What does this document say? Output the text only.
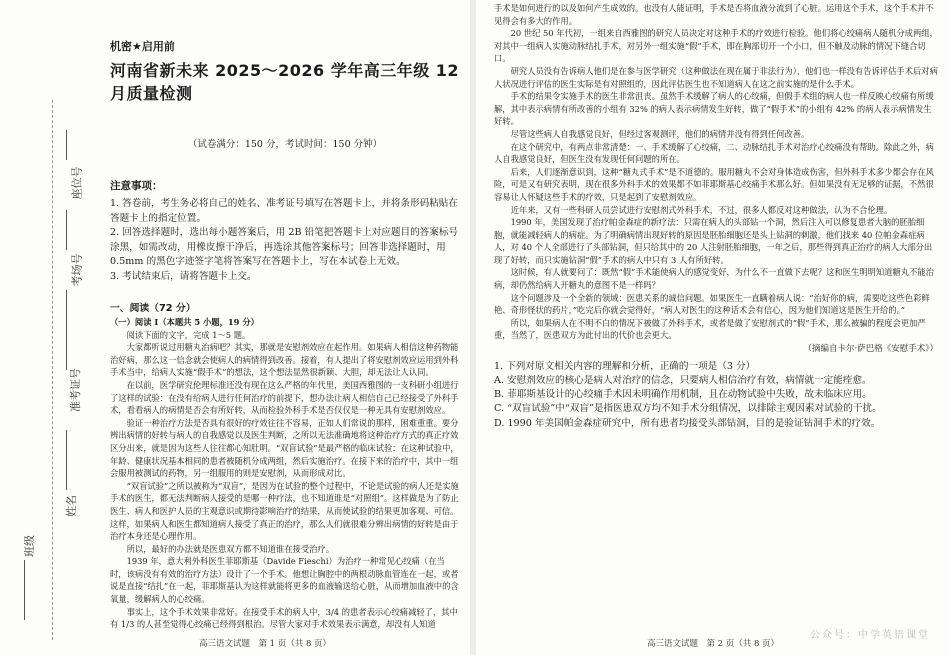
座位号
考场号
准考证号
姓名
班级
机密★启用前
河南省新未来 2025～2026 学年高三年级 12 月质量检测
（试卷满分：150 分，考试时间：150 分钟）
注意事项：

1. 答卷前，考生务必将自己的姓名、准考证号填写在答题卡上，并将条形码粘贴在答题卡上的指定位置。

2. 回答选择题时，选出每小题答案后，用 2B 铅笔把答题卡上对应题目的答案标号涂黑，如需改动，用橡皮擦干净后，再选涂其他答案标号；回答非选择题时，用 0.5mm 的黑色字迹签字笔将答案写在答题卡上，写在本试卷上无效。

3. 考试结束后，请将答题卡上交。

一、阅读（72 分）
（一）阅读 Ⅰ（本题共 5 小题，19 分）

阅读下面的文字，完成 1～5 题。

大家都听说过用糖丸治病吧？其实，那就是安慰剂效应在起作用。如果病人相信这种药物能治好病，那么这一信念就会使病人的病情得到改善。接着，有人提出了将安慰剂效应运用到外科手术当中，给病人实施“假手术”的想法，这个想法显然很新颖、大胆，却无法让人认同。

在以前，医学研究伦理标准还没有现在这么严格的年代里，美国西雅图的一支科研小组进行了这样的试验：在没有给病人进行任何治疗的前提下，想办法让病人相信自己已经接受了外科手术，看看病人的病情是否会有所好转，从而检验外科手术是否仅仅是一种无具有安慰剂效应。

验证一种治疗方法是否具有很好的疗效往往不容易，正如人们常说的那样，困难重重。要分辨出病情的好转与病人的自我感觉以及医生判断，之所以无法准确地将这种治疗方式的真正疗效区分出来，就是因为这些人往往都心知肚明。“双盲试验”是最严格的临床试验：在这种试验中，年龄、健康状况基本相同的患者被随机分成两组，然后实施治疗。在接下来的治疗中，其中一组会服用被测试的药物，另一组服用的则是安慰剂，从而形成对比。

“双盲试验”之所以被称为“双盲”，是因为在试验的整个过程中，不论是试验的病人还是实施手术的医生，都无法判断病人接受的是哪一种疗法，也不知道谁是“对照组”。这样做是为了防止医生、病人和医护人员的主观意识或期待影响治疗的结果，从而使试验的结果更加客观、可信。这样，如果病人和医生都知道病人接受了真正的治疗，那么人们就很难分辨出病情的好转是由于治疗本身还是心理作用。

所以，最好的办法就是医患双方都不知道谁在接受治疗。

1939 年，意大利外科医生菲耶斯基（Davide Fieschi）为治疗一种常见心绞痛（在当时，该病没有有效的治疗方法）设计了一个手术。他想让胸腔中的两根动脉血管连在一起，或者说是直接“结扎”在一起，菲耶斯基认为这样就能将更多的血液输送给心脏，从而增加血液中的含氧量，缓解病人的心绞痛。

事实上，这个手术效果非常好。在接受手术的病人中，3/4 的患者表示心绞痛减轻了，其中有 1/3 的人甚至觉得心绞痛已经得到根治。尽管大家对手术效果表示满意，却没有人知道

高三语文试题　第 1 页（共 8 页）

手术是如何进行的以及如何产生成效的。也没有人能证明，手术是否将血液分流到了心脏。运用这个手术，这个手术并不见得会有多大的作用。

20 世纪 50 年代初，一组来自西雅图的研究人员决定对这种手术的疗效进行检验。他们将心绞痛病人随机分成两组，对其中一组病人实施动脉结扎手术，对另外一组实施“假”手术，即在胸部切开一个小口，但不触及动脉的情况下缝合切口。

研究人员没有告诉病人他们是在参与医学研究（这种做法在现在属于非法行为），他们也一样没有告诉评估手术后对病人状况进行评估的医生实际是有对照组的，因此评估医生也不知道病人在这之前实施的是什么手术。

手术的结果令实施手术的医生非常沮丧。虽然手术缓解了病人的心绞痛，但假手术组的病人也一样反映心绞痛有所缓解，其中表示病情有所改善的小组有 32% 的病人表示病情发生好转，做了“假手术”的小组有 42% 的病人表示病情发生好转。

尽管这些病人自我感觉良好，但经过客观测评，他们的病情并没有得到任何改善。

在这个研究中，有两点非常清楚：一、手术缓解了心绞痛，二、动脉结扎手术对治疗心绞痛没有帮助。除此之外，病人自我感觉良好，但医生没有发现任何问题的所在。

后来，人们逐渐意识到，这种“糖丸式手术”是不道德的。服用糖丸不会对身体造成伤害，但外科手术多少都会存在风险，可是又有研究表明，现在很多外科手术的效果都不如菲耶斯基心绞痛手术那么好。但如果没有无足够的证据，不然很容易让人怀疑这些手术的疗效，只是起到了安慰剂效应。

近年来，又有一些科研人员尝试进行安慰剂式外科手术，不过，很多人都反对这种做法，认为不合伦理。

1990 年，美国发现了治疗帕金森症的新疗法：只需在病人的头部钻一个洞，然后注入可以修复患者大脑的胚胎细胞，就能减轻病人的病症。为了明确病情出现好转的原因是胚胎细胞还是头上钻洞的刺激，他们找来 40 位帕金森症病人，对 40 个人全部进行了头部钻洞，但只给其中的 20 人注射胚胎细胞，一年之后，那些得到真正治疗的病人大部分出现了好转，而只实施钻洞“假”手术的病人中只有 3 人有所好转。

这时候，有人就要问了：既然“假”手术能使病人的感觉变好，为什么不一直做下去呢？这和医生明明知道糖丸不能治病，却仍然给病人开糖丸的意图不是一样吗？

这个问题涉及一个全新的领域：医患关系的诚信问题。如果医生一直瞒着病人说：“治好你的病，需要吃这些色彩鲜艳、奇形怪状的药片，”吃完后你就会觉得好，“病人对医生的这种话术会有信心，因为他们知道这是医生开给的。”

所以，如果病人在不明不白的情况下被做了外科手术，或者是做了安慰剂式的“假”手术，那么被骗的程度会更加严重，当然了，医患双方为此付出的代价也会更大。

（摘编自卡尔·萨巴格《安慰手术》）
1. 下列对原文相关内容的理解和分析，正确的一项是（3 分）

A. 安慰剂效应的核心是病人对治疗的信念，只要病人相信治疗有效，病情就一定能痊愈。

B. 菲耶斯基设计的心绞痛手术因未明确作用机制，且在动物试验中失败，故未临床应用。

C. “双盲试验”中“双盲”是指医患双方均不知手术分组情况，以排除主观因素对试验的干扰。

D. 1990 年美国帕金森症研究中，所有患者均接受头部钻洞，目的是验证钻洞手术的疗效。

高三语文试题　第 2 页（共 8 页）
公众号：中学英语课堂
